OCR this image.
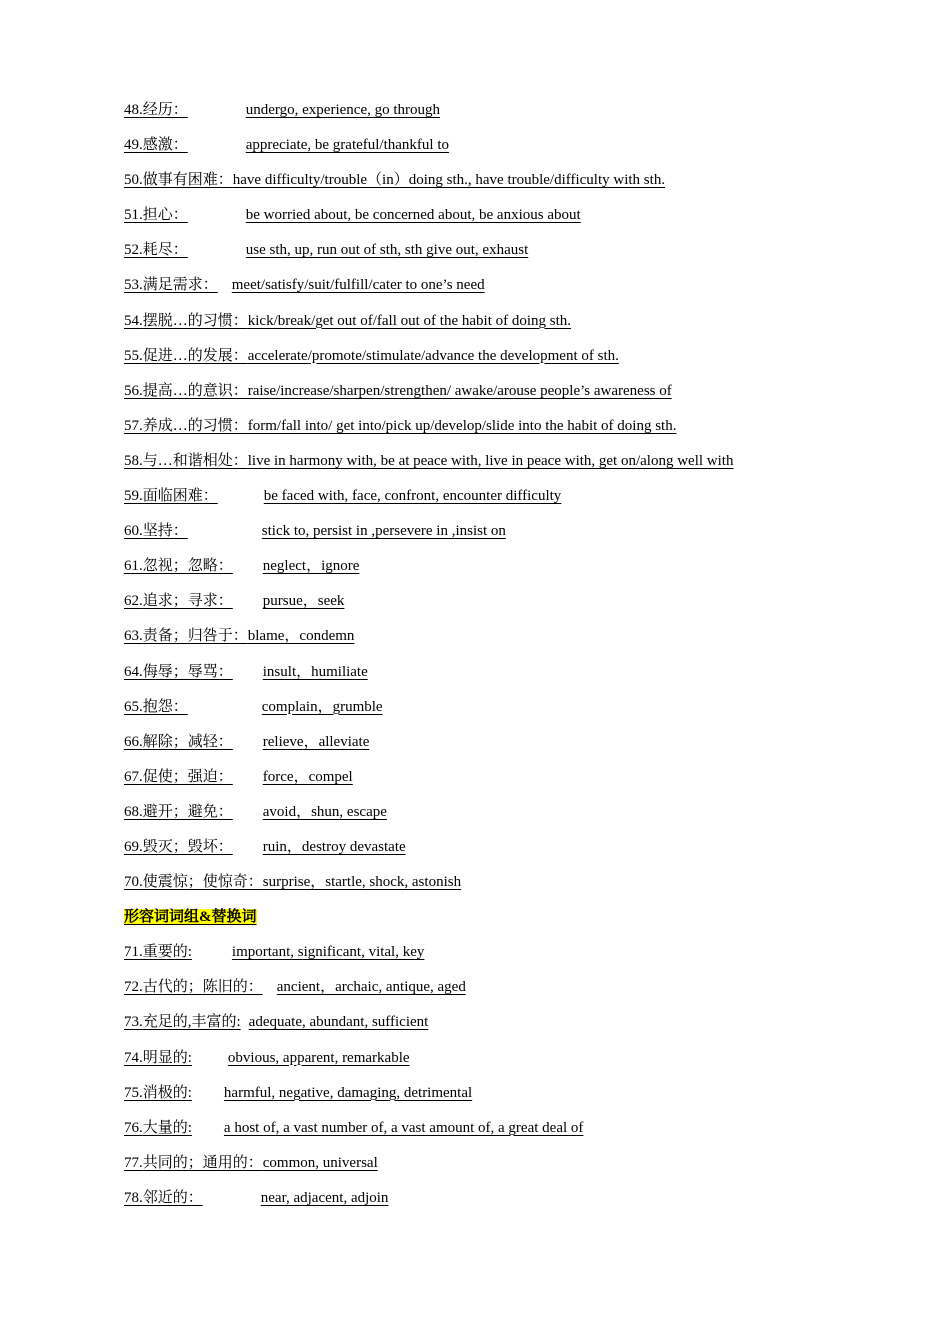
48.经历：	undergo, experience, go through
49.感激：	appreciate, be grateful/thankful to
50.做事有困难：have difficulty/trouble（in）doing sth., have trouble/difficulty with sth.
51.担心：	be worried about, be concerned about, be anxious about
52.耗尽：	use sth, up, run out of sth, sth give out, exhaust
53.满足需求： meet/satisfy/suit/fulfill/cater to one’s need
54.摆脱…的习惯：kick/break/get out of/fall out of the habit of doing sth.
55.促进…的发展：accelerate/promote/stimulate/advance the development of sth.
56.提高…的意识：raise/increase/sharpen/strengthen/ awake/arouse people’s awareness of
57.养成…的习惯：form/fall into/ get into/pick up/develop/slide into the habit of doing sth.
58.与…和谐相处：live in harmony with, be at peace with, live in peace with, get on/along well with
59.面临困难：	be faced with, face, confront, encounter difficulty
60.坚持：	stick to, persist in ,persevere in ,insist on
61.忽视；忽略： neglect，ignore
62.追求；寻求： pursue，seek
63.责备；归咎于：blame，condemn
64.侮辱；辱骂： insult，humiliate
65.抱怨：	complain，grumble
66.解除；减轻： relieve，alleviate
67.促使；强迫： force，compel
68.避开；避免： avoid，shun, escape
69.毁灭；毁坏： ruin，destroy devastate
70.使震惊；使惊奇：surprise，startle, shock, astonish
形容词词组&替换词
71.重要的:	important, significant, vital, key
72.古代的；陈旧的： ancient，archaic, antique, aged
73.充足的,丰富的: adequate, abundant, sufficient
74.明显的: obvious, apparent, remarkable
75.消极的: harmful, negative, damaging, detrimental
76.大量的: a host of, a vast number of, a vast amount of, a great deal of
77.共同的；通用的：common, universal
78.邻近的：	near, adjacent, adjoin
